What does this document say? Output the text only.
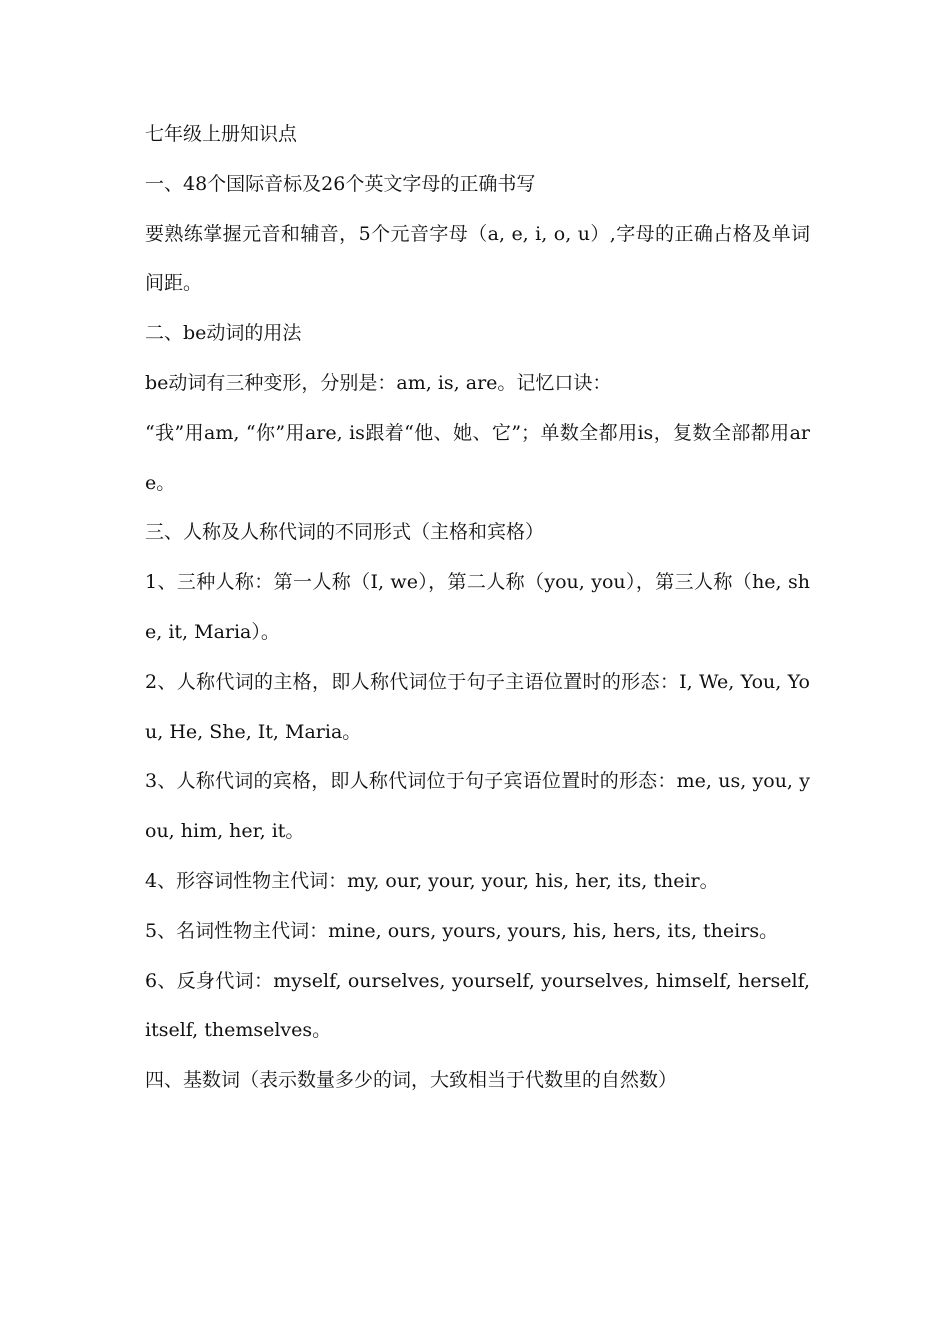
七年级上册知识点

一、48个国际音标及26个英文字母的正确书写

要熟练掌握元音和辅音，5个元音字母（a, e, i, o, u）,字母的正确占格及单词间距。

二、be动词的用法

be动词有三种变形，分别是：am, is, are。记忆口诀：

“我”用am, “你”用are, is跟着“他、她、它”；单数全都用is，复数全部都用are。

三、人称及人称代词的不同形式（主格和宾格）

1、三种人称：第一人称（I, we），第二人称（you, you），第三人称（he, she, it, Maria）。

2、人称代词的主格，即人称代词位于句子主语位置时的形态：I, We, You, You, He, She, It, Maria。

3、人称代词的宾格，即人称代词位于句子宾语位置时的形态：me, us, you, you, him, her, it。

4、形容词性物主代词：my, our, your, your, his, her, its, their。

5、名词性物主代词：mine, ours, yours, yours, his, hers, its, theirs。

6、反身代词：myself, ourselves, yourself, yourselves, himself, herself, itself, themselves。

四、基数词（表示数量多少的词，大致相当于代数里的自然数）
